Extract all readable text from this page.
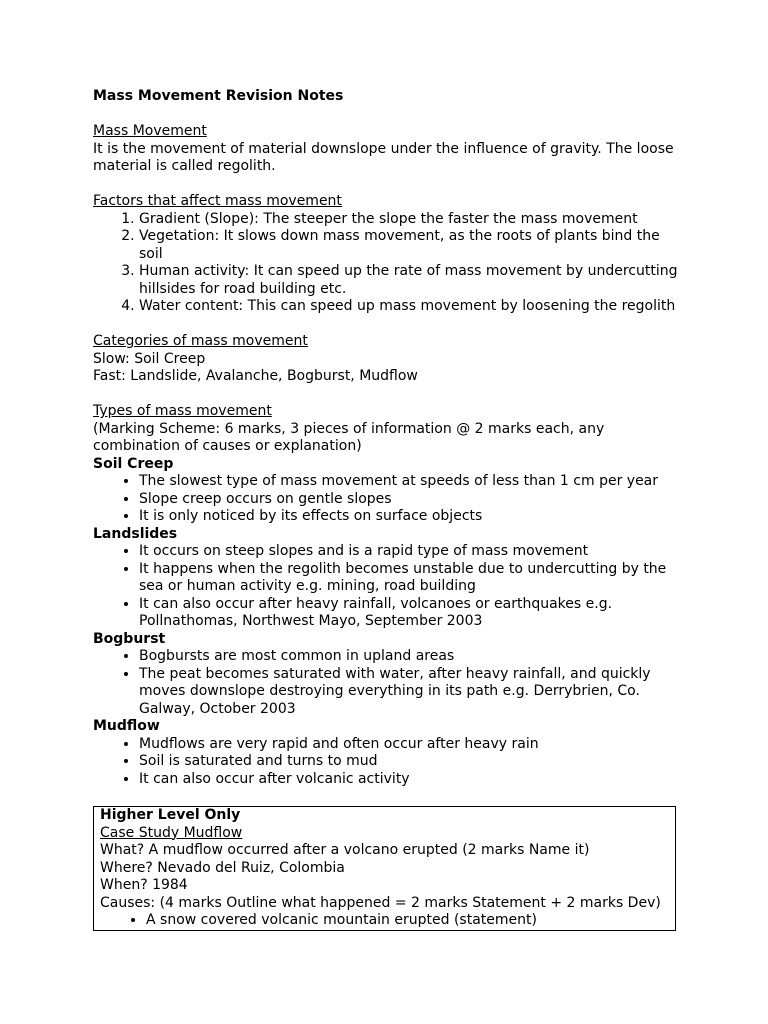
Mass Movement Revision Notes

Mass Movement

It is the movement of material downslope under the influence of gravity. The loose material is called regolith.

Factors that affect mass movement

1. Gradient (Slope): The steeper the slope the faster the mass movement
2. Vegetation: It slows down mass movement, as the roots of plants bind the soil
3. Human activity: It can speed up the rate of mass movement by undercutting hillsides for road building etc.
4. Water content: This can speed up mass movement by loosening the regolith

Categories of mass movement

Slow: Soil Creep

Fast: Landslide, Avalanche, Bogburst, Mudflow

Types of mass movement

(Marking Scheme: 6 marks, 3 pieces of information @ 2 marks each, any combination of causes or explanation)

Soil Creep
• The slowest type of mass movement at speeds of less than 1 cm per year
• Slope creep occurs on gentle slopes
• It is only noticed by its effects on surface objects
Landslides
• It occurs on steep slopes and is a rapid type of mass movement
• It happens when the regolith becomes unstable due to undercutting by the sea or human activity e.g. mining, road building
• It can also occur after heavy rainfall, volcanoes or earthquakes e.g. Pollnathomas, Northwest Mayo, September 2003
Bogburst
• Bogbursts are most common in upland areas
• The peat becomes saturated with water, after heavy rainfall, and quickly moves downslope destroying everything in its path e.g. Derrybrien, Co. Galway, October 2003
Mudflow
• Mudflows are very rapid and often occur after heavy rain
• Soil is saturated and turns to mud
• It can also occur after volcanic activity
Higher Level Only

Case Study Mudflow

What? A mudflow occurred after a volcano erupted (2 marks Name it)

Where? Nevado del Ruiz, Colombia

When? 1984

Causes: (4 marks Outline what happened = 2 marks Statement + 2 marks Dev)

• A snow covered volcanic mountain erupted (statement)
